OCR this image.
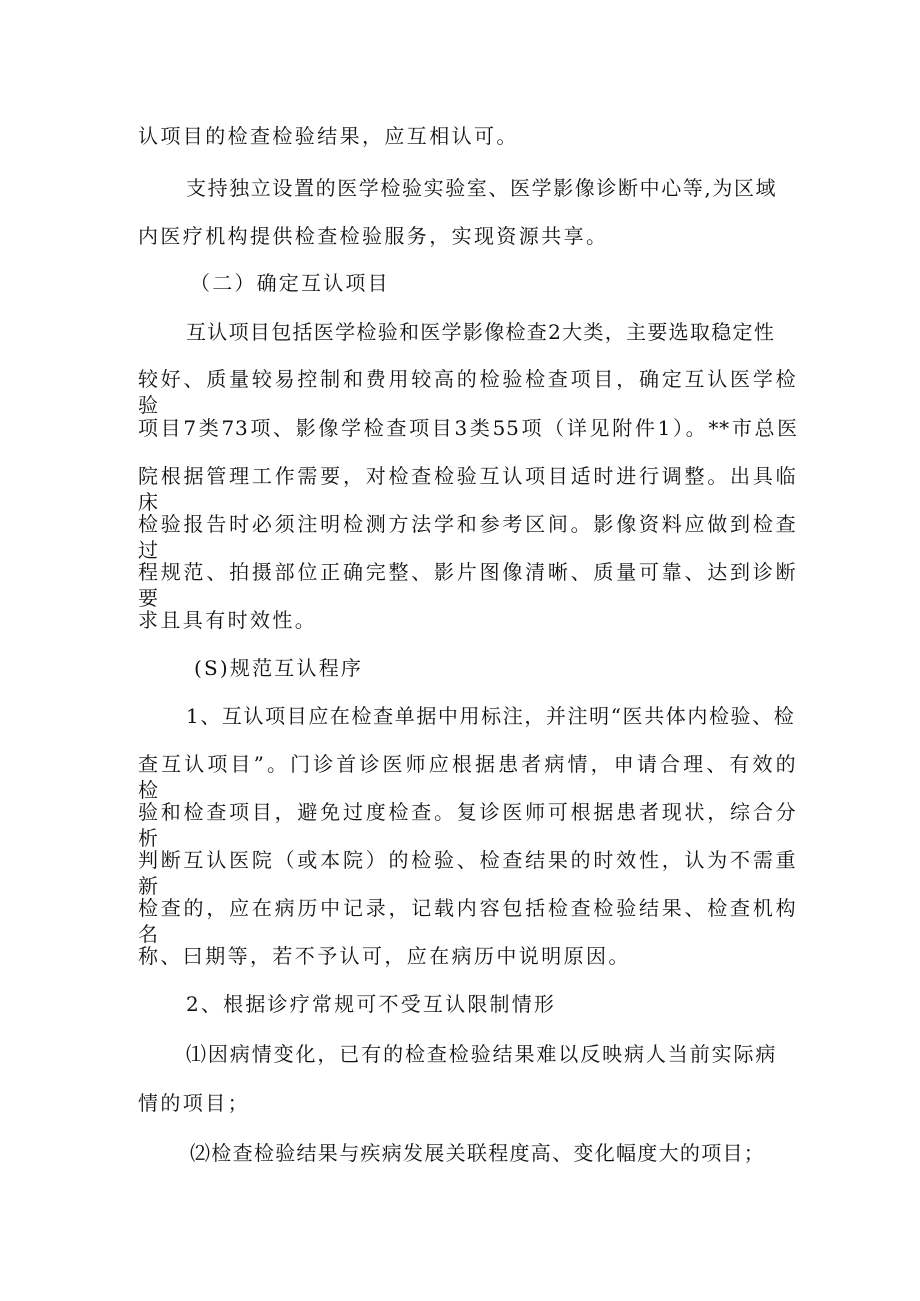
认项目的检查检验结果，应互相认可。
支持独立设置的医学检验实验室、医学影像诊断中心等,为区域
内医疗机构提供检查检验服务，实现资源共享。
（二）确定互认项目
互认项目包括医学检验和医学影像检查2大类，主要选取稳定性
较好、质量较易控制和费用较高的检验检查项目，确定互认医学检验
项目7类73项、影像学检查项目3类55项（详见附件1）。**市总医
院根据管理工作需要，对检查检验互认项目适时进行调整。出具临床
检验报告时必须注明检测方法学和参考区间。影像资料应做到检查过
程规范、拍摄部位正确完整、影片图像清晰、质量可靠、达到诊断要
求且具有时效性。
(S)规范互认程序
1、互认项目应在检查单据中用标注，并注明“医共体内检验、检
查互认项目”。门诊首诊医师应根据患者病情，申请合理、有效的检
验和检查项目，避免过度检查。复诊医师可根据患者现状，综合分析
判断互认医院（或本院）的检验、检查结果的时效性，认为不需重新
检查的，应在病历中记录，记载内容包括检查检验结果、检查机构名
称、曰期等，若不予认可，应在病历中说明原因。
2、根据诊疗常规可不受互认限制情形
⑴因病情变化，已有的检查检验结果难以反映病人当前实际病
情的项目；
⑵检查检验结果与疾病发展关联程度高、变化幅度大的项目；
